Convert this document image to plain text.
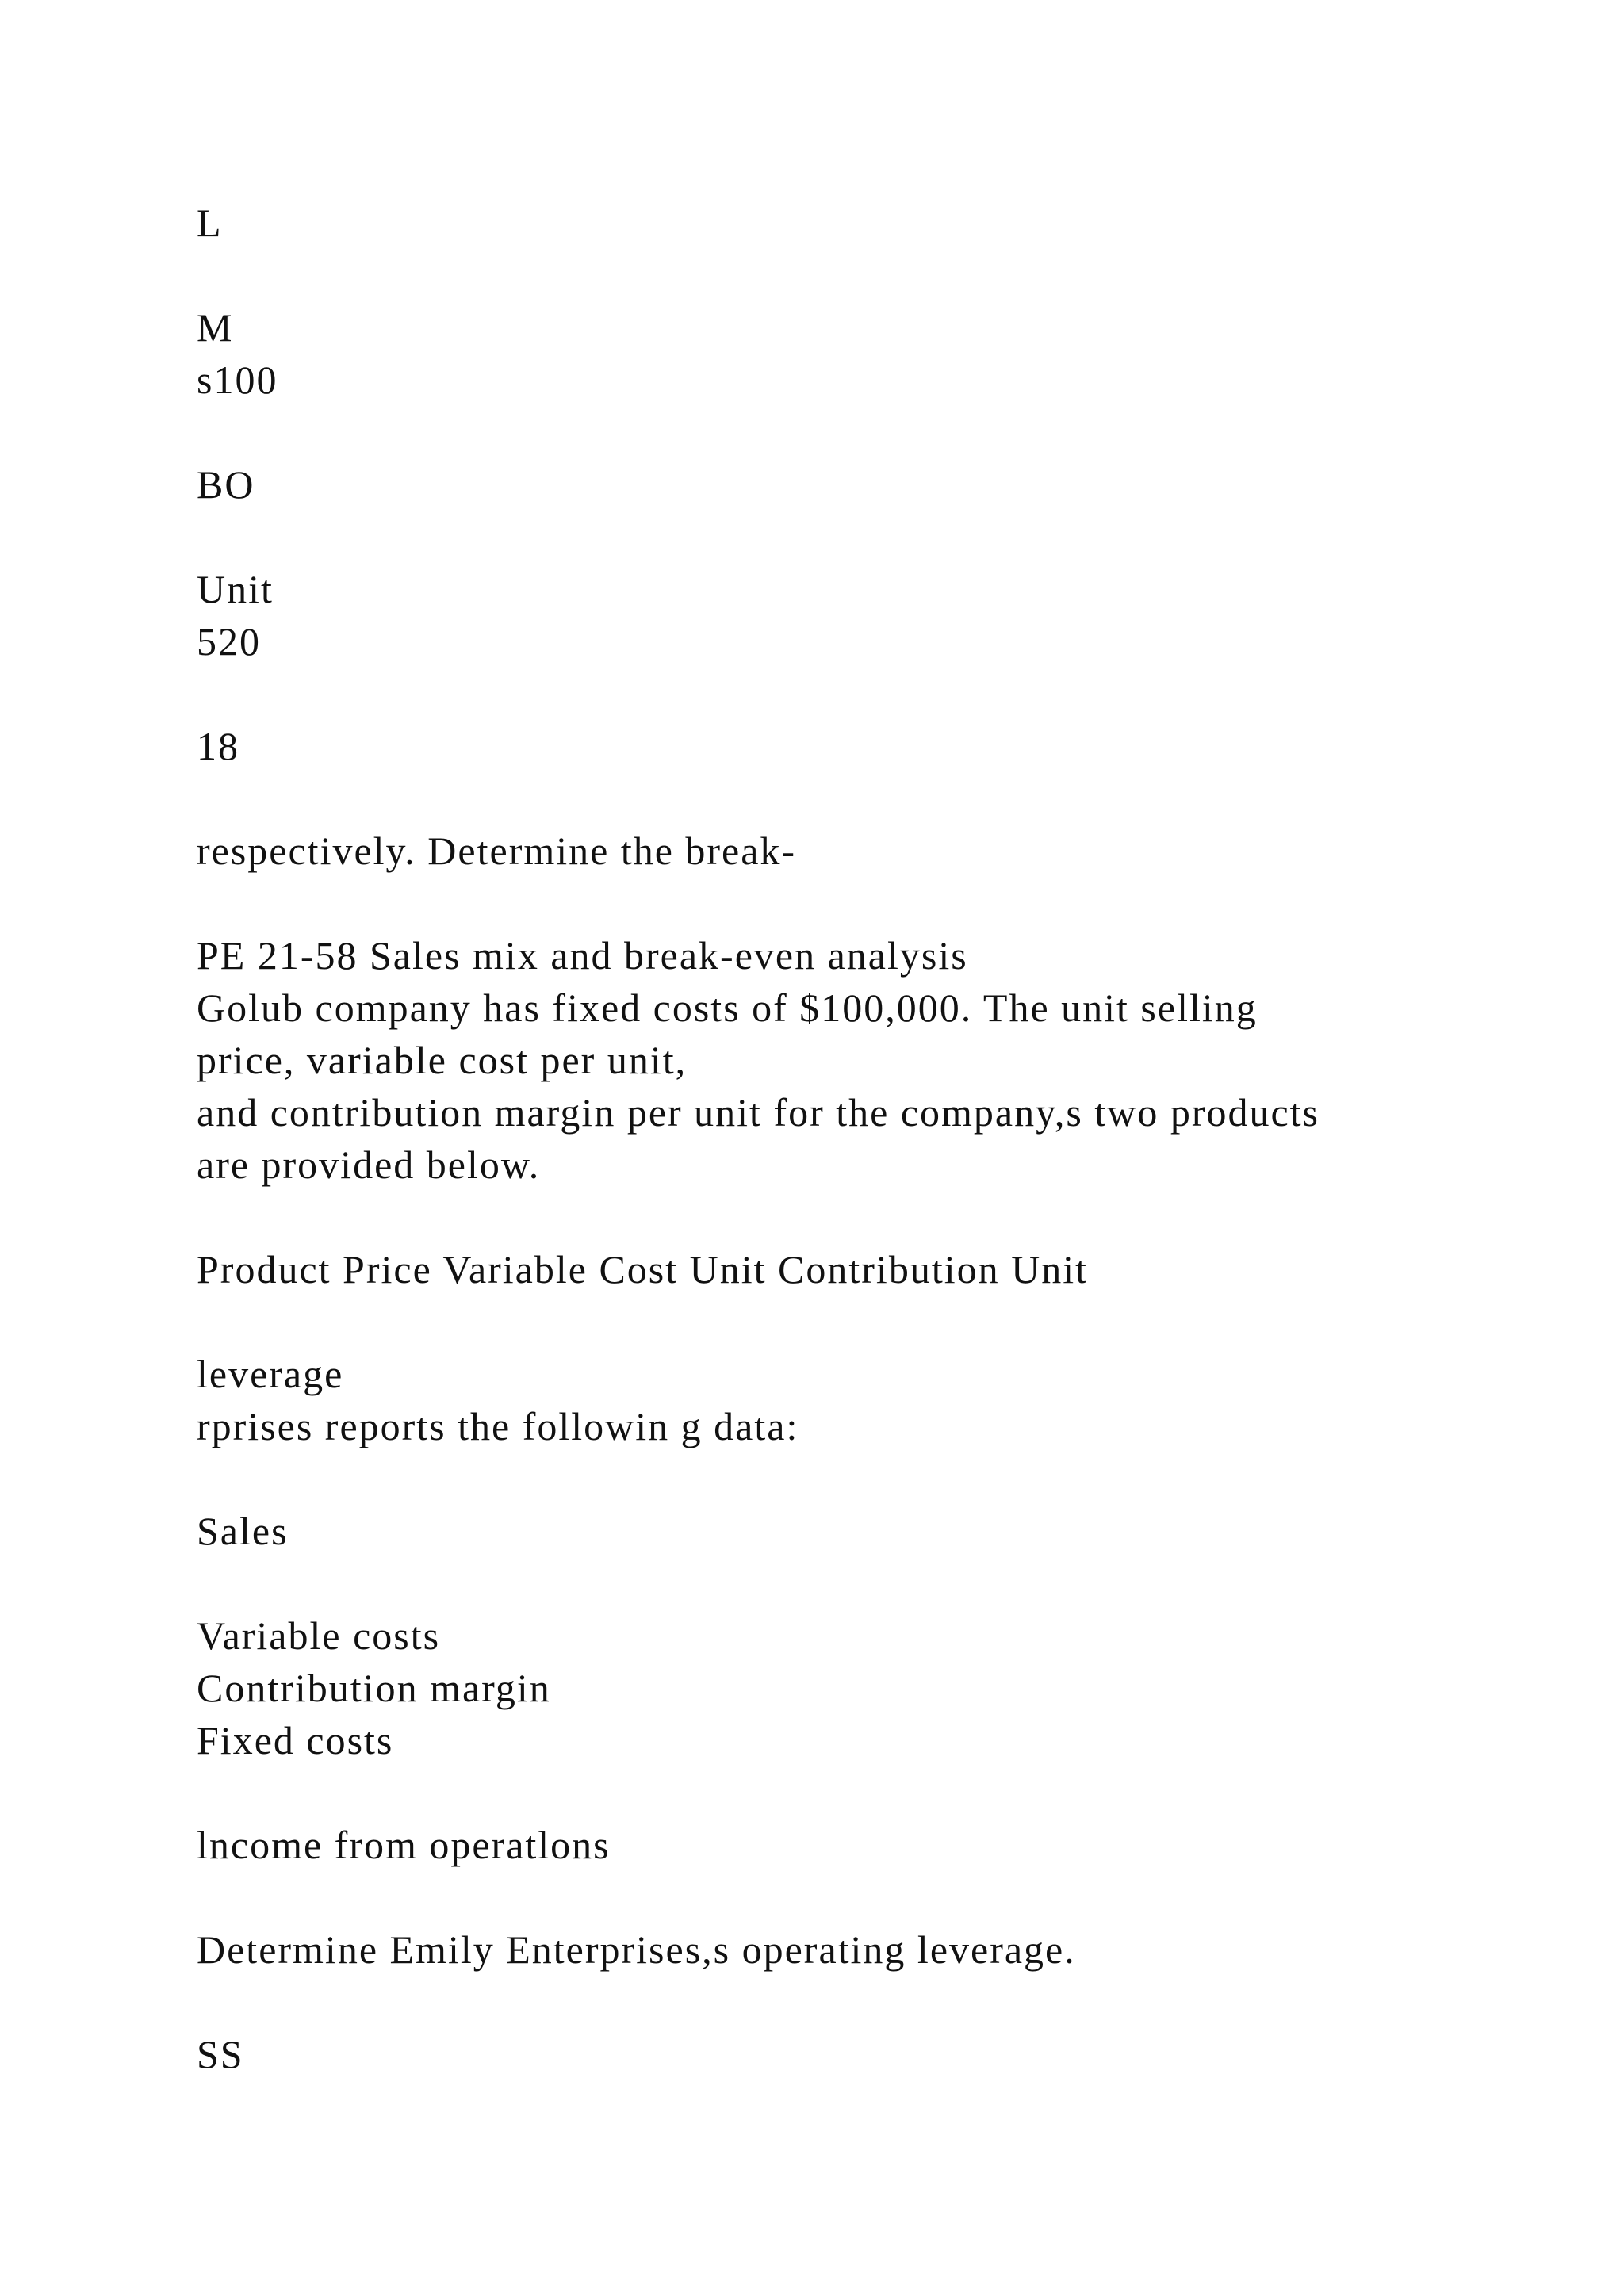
L
M
s100
BO
Unit
520
18
respectively. Determine the break-
PE 21-58 Sales mix and break-even analysis
Golub company has fixed costs of $100,000. The unit selling
price, variable cost per unit,
and contribution margin per unit for the company,s two products
are provided below.
Product Price Variable Cost Unit Contribution Unit
leverage
rprises reports the followin g data:
Sales
Variable costs
Contribution margin
Fixed costs
lncome from operatlons
Determine Emily Enterprises,s operating leverage.
SS
